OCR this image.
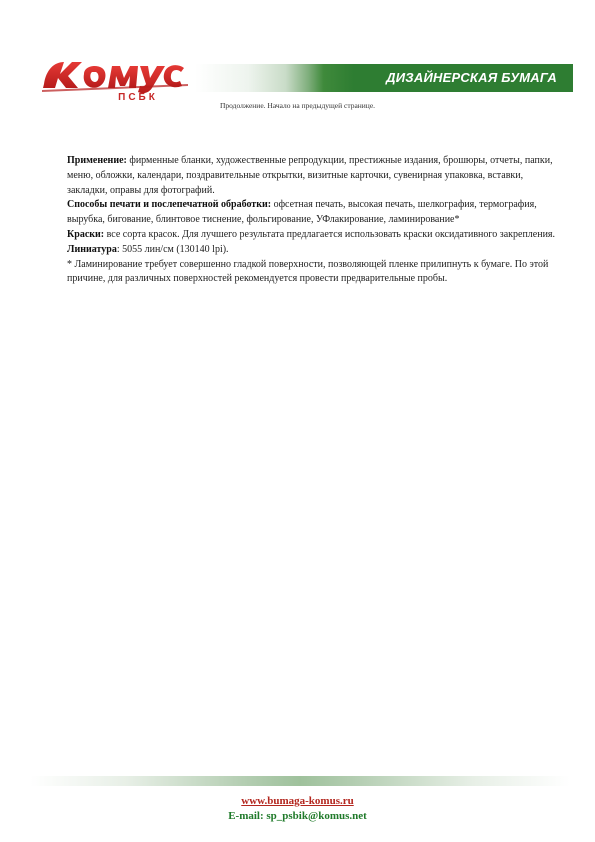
ПСБК
ДИЗАЙНЕРСКАЯ БУМАГА
Продолжение. Начало на предыдущей странице.

Применение: фирменные бланки, художественные репродукции, престижные издания, брошюры, отчеты, папки, меню, обложки, календари, поздравительные открытки, визитные карточки, сувенирная упаковка, вставки, закладки, оправы для фотографий.

Способы печати и послепечатной обработки: офсетная печать, высокая печать, шелкография, термография, вырубка, бигование, блинтовое тиснение, фольгирование, УФлакирование, ламинирование*

Краски: все сорта красок. Для лучшего результата предлагается использовать краски оксидативного закрепления.

Линиатура: 5055 лин/см (130140 lpi).

* Ламинирование требует совершенно гладкой поверхности, позволяющей пленке прилипнуть к бумаге. По этой причине, для различных поверхностей рекомендуется провести предварительные пробы.

www.bumaga-komus.ru
E-mail: sp_psbik@komus.net
